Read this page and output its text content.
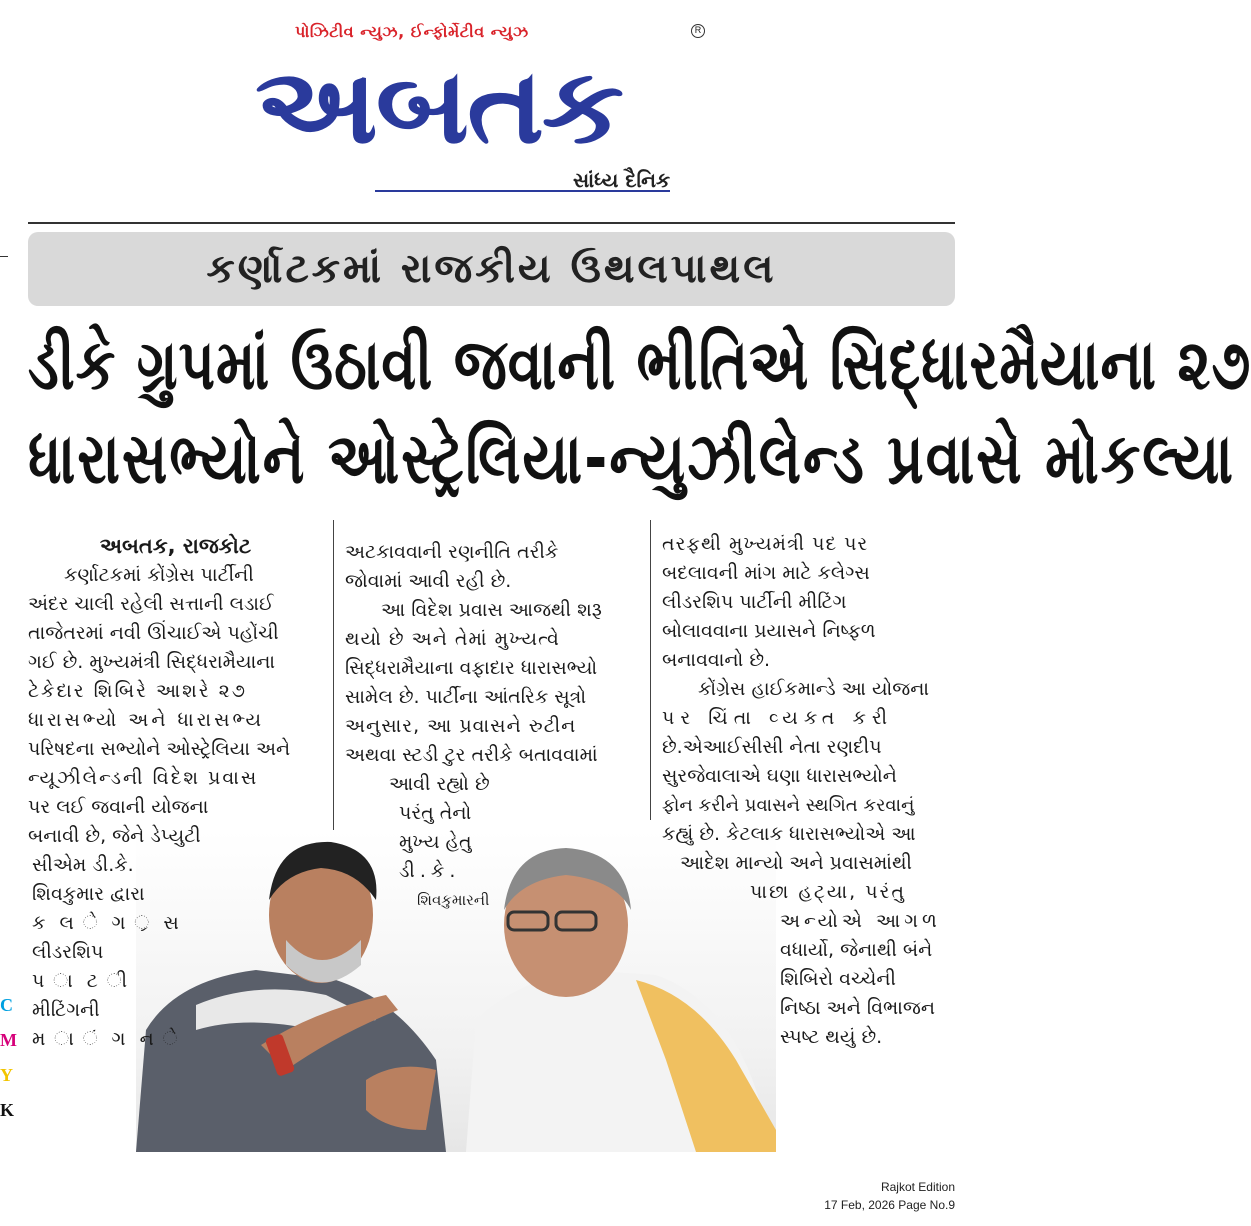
પોઝિટીવ ન્યુઝ, ઈન્ફોર્મેટીવ ન્યુઝ	R
અબતક
સાંધ્ય દૈનિક
કર્ણાટકમાં રાજકીય ઉથલપાથલ
ડીકે ગ્રુપમાં ઉઠાવી જવાની ભીતિએ સિદ્ધારમૈયાના ૨૭
ધારાસભ્યોને ઓસ્ટ્રેલિયા-ન્યુઝીલેન્ડ પ્રવાસે મોકલ્યા

અબતક, રાજકોટ

કર્ણાટકમાં કોંગ્રેસ પાર્ટીની

અંદર ચાલી રહેલી સત્તાની લડાઈ

તાજેતરમાં નવી ઊંચાઈએ પહોંચી

ગઈ છે. મુખ્યમંત્રી સિદ્ધરામૈયાના

ટેકેદાર શિબિરે આશરે ૨૭

ધારાસભ્યો અને ધારાસભ્ય

પરિષદના સભ્યોને ઓસ્ટ્રેલિયા અને

ન્યૂઝીલેન્ડની વિદેશ પ્રવાસ

પર લઈ જવાની યોજના

બનાવી છે, જેને ડેપ્યુટી

સીએમ ડી.કે.

શિવકુમાર દ્વારા

ક લ ે ગ ્ર સ

લીડરશિપ

પ ા ટ ી

મીટિંગની

મ ા ં ગ ન ે

અટકાવવાની રણનીતિ તરીકે

જોવામાં આવી રહી છે.

આ વિદેશ પ્રવાસ આજથી શરૂ

થયો છે અને તેમાં મુખ્યત્વે

સિદ્ધરામૈયાના વફાદાર ધારાસભ્યો

સામેલ છે. પાર્ટીના આંતરિક સૂત્રો

અનુસાર, આ પ્રવાસને રુટીન

અથવા સ્ટડી ટુર તરીકે બતાવવામાં

આવી રહ્યો છે

પરંતુ તેનો

મુખ્ય હેતુ

ડી.કે.

શિવકુમારની

તરફથી મુખ્યમંત્રી પદ પર

બદલાવની માંગ માટે કલેગ્સ

લીડરશિપ પાર્ટીની મીટિંગ

બોલાવવાના પ્રયાસને નિષ્ફળ

બનાવવાનો છે.

કોંગ્રેસ હાઈકમાન્ડે આ યોજના

પર ચિંતા વ્યક્ત કરી

છે.એઆઈસીસી નેતા રણદીપ

સુરજેવાલાએ ઘણા ધારાસભ્યોને

ફોન કરીને પ્રવાસને સ્થગિત કરવાનું

કહ્યું છે. કેટલાક ધારાસભ્યોએ આ

આદેશ માન્યો અને પ્રવાસમાંથી

પાછા હટ્યા, પરંતુ

અન્યોએ આગળ

વધાર્યો, જેનાથી બંને

શિબિરો વચ્ચેની

નિષ્ઠા અને વિભાજન

સ્પષ્ટ થયું છે.

C
M
Y
K
Rajkot Edition
17 Feb, 2026 Page No.9
